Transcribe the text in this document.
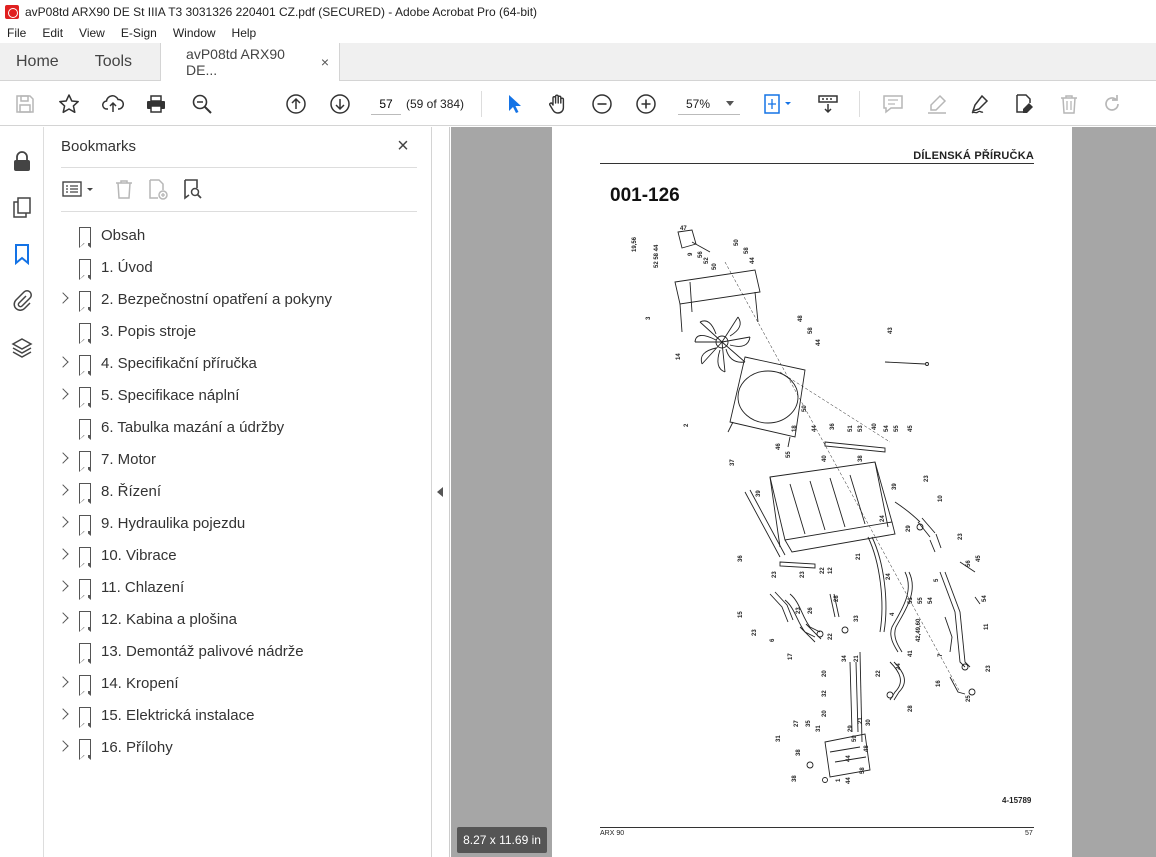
avP08td ARX90 DE St IIIA T3 3031326 220401 CZ.pdf (SECURED) - Adobe Acrobat Pro (64-bit)
File	Edit	View	E-Sign	Window	Help
Home	Tools	avP08td ARX90 DE...	×
57
(59 of 384)	57%
Bookmarks	×
Obsah
1. Úvod
2. Bezpečnostní opatření a pokyny
3. Popis stroje
4. Specifikační příručka
5. Specifikace náplní
6. Tabulka mazání a údržby
7. Motor
8. Řízení
9. Hydraulika pojezdu
10. Vibrace
11. Chlazení
12. Kabina a plošina
13. Demontáž palivové nádrže
14. Kropení
15. Elektrická instalace
16. Přílohy
DÍLENSKÁ PŘÍRUČKA
001-126
19,56
47
52 58 44	9 56
52
50
50
58
44
3
14
48
58
44
43
2
50
18 44 36 51 53 40 54 55 45
46
55
40	38
37
39
39
23
24
29
10
23
36	21
12
22
23	23	24
45
56
5
54
15
28
23 26
33
4
51 55 54
23
6
22
11
42,49,60
41	7
17	34 21
20	22
24
16
23
32
28
25
20
29
21 30
27 35
31
31	59
48
38
44
58
38	1 44
4-15789
ARX 90	57
8.27 x 11.69 in
